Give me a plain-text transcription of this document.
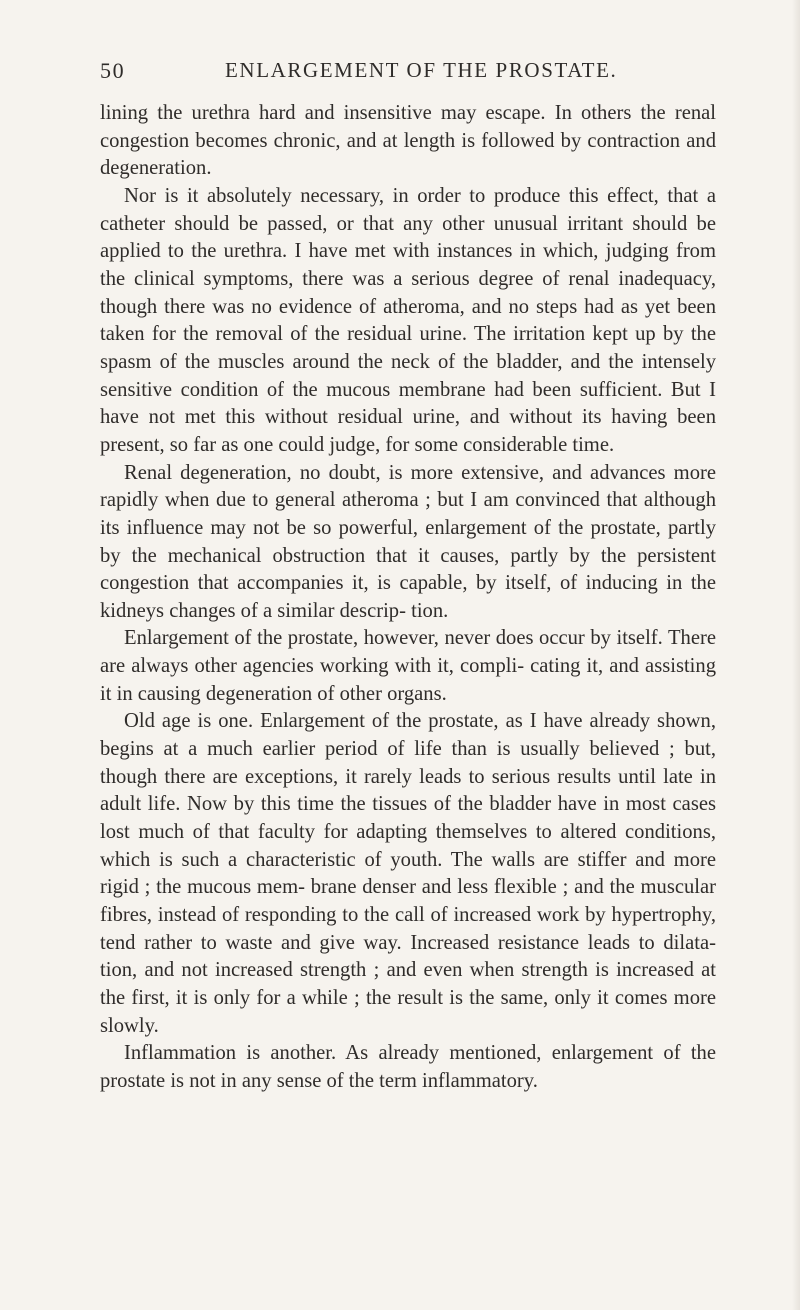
50	ENLARGEMENT OF THE PROSTATE.

lining the urethra hard and insensitive may escape. In others the renal congestion becomes chronic, and at length is followed by contraction and degeneration.

Nor is it absolutely necessary, in order to produce this effect, that a catheter should be passed, or that any other unusual irritant should be applied to the urethra. I have met with instances in which, judging from the clinical symptoms, there was a serious degree of renal inadequacy, though there was no evidence of atheroma, and no steps had as yet been taken for the removal of the residual urine. The irritation kept up by the spasm of the muscles around the neck of the bladder, and the intensely sensitive condition of the mucous membrane had been sufficient. But I have not met this without residual urine, and without its having been present, so far as one could judge, for some considerable time.

Renal degeneration, no doubt, is more extensive, and advances more rapidly when due to general atheroma ; but I am convinced that although its influence may not be so powerful, enlargement of the prostate, partly by the mechanical obstruction that it causes, partly by the persistent congestion that accompanies it, is capable, by itself, of inducing in the kidneys changes of a similar descrip- tion.

Enlargement of the prostate, however, never does occur by itself. There are always other agencies working with it, compli- cating it, and assisting it in causing degeneration of other organs.

Old age is one. Enlargement of the prostate, as I have already shown, begins at a much earlier period of life than is usually believed ; but, though there are exceptions, it rarely leads to serious results until late in adult life. Now by this time the tissues of the bladder have in most cases lost much of that faculty for adapting themselves to altered conditions, which is such a characteristic of youth. The walls are stiffer and more rigid ; the mucous mem- brane denser and less flexible ; and the muscular fibres, instead of responding to the call of increased work by hypertrophy, tend rather to waste and give way. Increased resistance leads to dilata- tion, and not increased strength ; and even when strength is increased at the first, it is only for a while ; the result is the same, only it comes more slowly.

Inflammation is another. As already mentioned, enlargement of the prostate is not in any sense of the term inflammatory.
